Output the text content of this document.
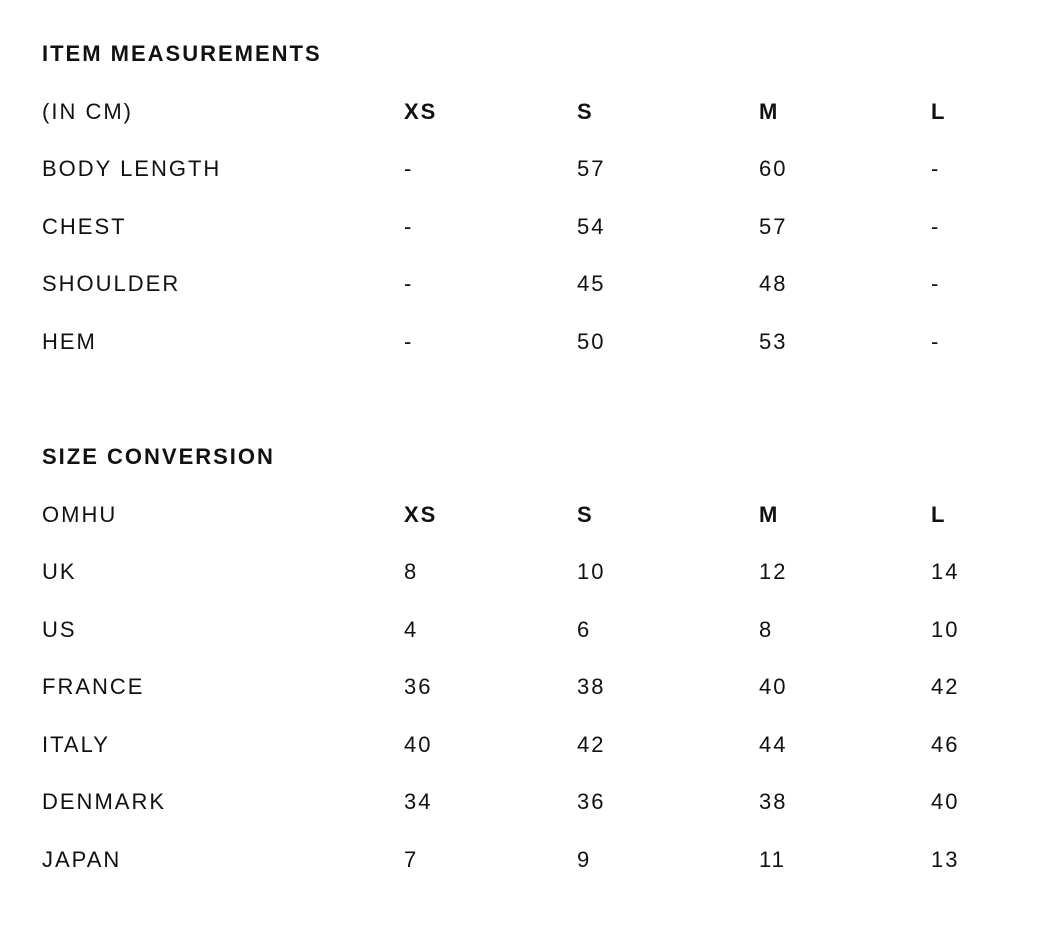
ITEM MEASUREMENTS
(IN CM)	XS	S	M	L
BODY LENGTH	-	57	60	-
CHEST	-	54	57	-
SHOULDER	-	45	48	-
HEM	-	50	53	-
SIZE CONVERSION
OMHU	XS	S	M	L
UK	8	10	12	14
US	4	6	8	10
FRANCE	36	38	40	42
ITALY	40	42	44	46
DENMARK	34	36	38	40
JAPAN	7	9	11	13
